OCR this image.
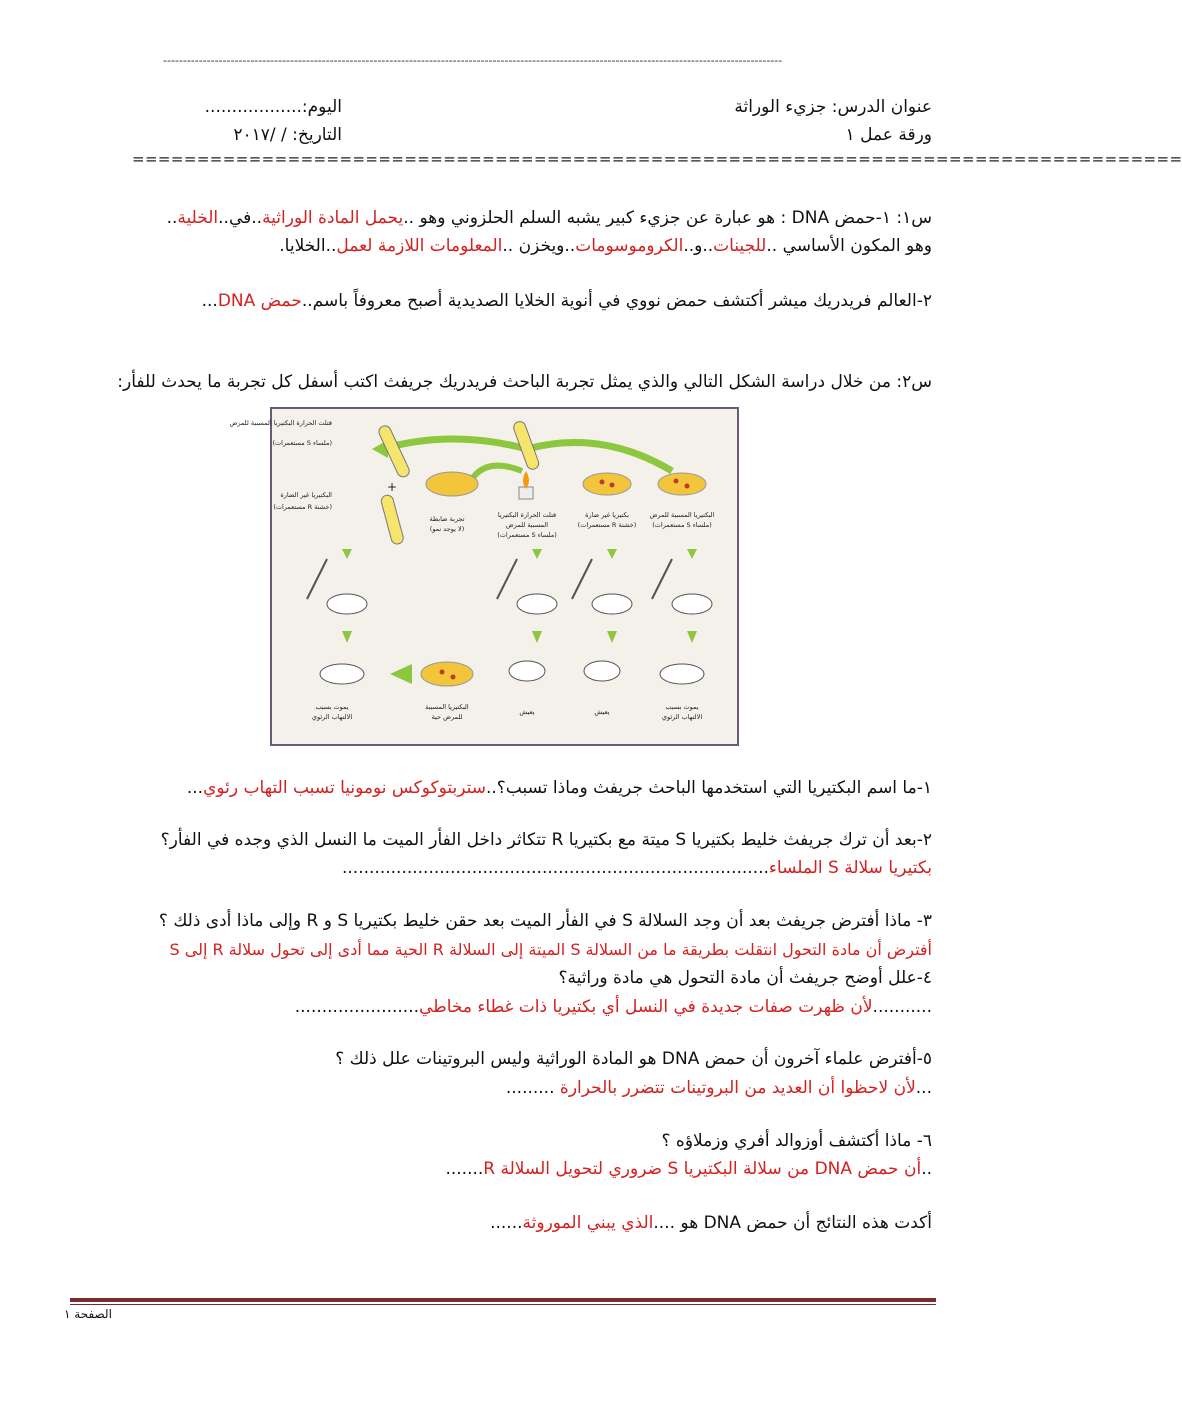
------------------------------------------------------------------------------------------------------------------------------------------------------------
عنوان الدرس: جزيء الوراثة
اليوم:..................
ورقة عمل ١
التاريخ: / /٢٠١٧
=================================================================================
س١: ١-حمض DNA : هو عبارة عن جزيء كبير يشبه السلم الحلزوني وهو ..يحمل المادة الوراثية..في..الخلية..
وهو المكون الأساسي ..للجينات..و..الكروموسومات..ويخزن ..المعلومات اللازمة لعمل..الخلايا.
٢-العالم فريدريك ميشر أكتشف حمض نووي في أنوية الخلايا الصديدية أصبح معروفاً باسم..حمض DNA...
س٢: من خلال دراسة الشكل التالي والذي يمثل تجربة الباحث فريدريك جريفث اكتب أسفل كل تجربة ما يحدث للفأر:
قتلت الحرارة البكتيريا المسببة للمرض
(مستعمرات S ملساء)
البكتيريا غير الضارة
(مستعمرات R خشنة)
+
تجربة ضابطة
(لا يوجد نمو)
قتلت الحرارة البكتيريا
المسببة للمرض
(مستعمرات S ملساء)
بكتيريا غير ضارة
(مستعمرات R خشنة)
البكتيريا المسببة للمرض
(مستعمرات S ملساء)
يموت بسبب
الالتهاب الرئوي
البكتيريا المسببة
للمرض حية
يعيش	يعيش
يموت بسبب
الالتهاب الرئوي
١-ما اسم البكتيريا التي استخدمها الباحث جريفث وماذا تسبب؟..ستربتوكوكس نومونيا تسبب التهاب رئوي...
٢-بعد أن ترك جريفث خليط بكتيريا S ميتة مع بكتيريا R تتكاثر داخل الفأر الميت ما النسل الذي وجده في الفأر؟
بكتيريا سلالة S الملساء...............................................................................
٣- ماذا أفترض جريفث بعد أن وجد السلالة S في الفأر الميت بعد حقن خليط بكتيريا S و R وإلى ماذا أدى ذلك ؟
أفترض أن مادة التحول انتقلت بطريقة ما من السلالة S الميتة إلى السلالة R الحية مما أدى إلى تحول سلالة R إلى S
٤-علل أوضح جريفث أن مادة التحول هي مادة وراثية؟
...........لأن ظهرت صفات جديدة في النسل أي بكتيريا ذات غطاء مخاطي.......................
٥-أفترض علماء آخرون أن حمض DNA هو المادة الوراثية وليس البروتينات علل ذلك ؟
...لأن لاحظوا أن العديد من البروتينات تتضرر بالحرارة .........
٦- ماذا أكتشف أوزوالد أفري وزملاؤه ؟
..أن حمض DNA من سلالة البكتيريا S ضروري لتحويل السلالة R.......
أكدت هذه النتائج أن حمض DNA هو ....الذي يبني الموروثة......
الصفحة ١
